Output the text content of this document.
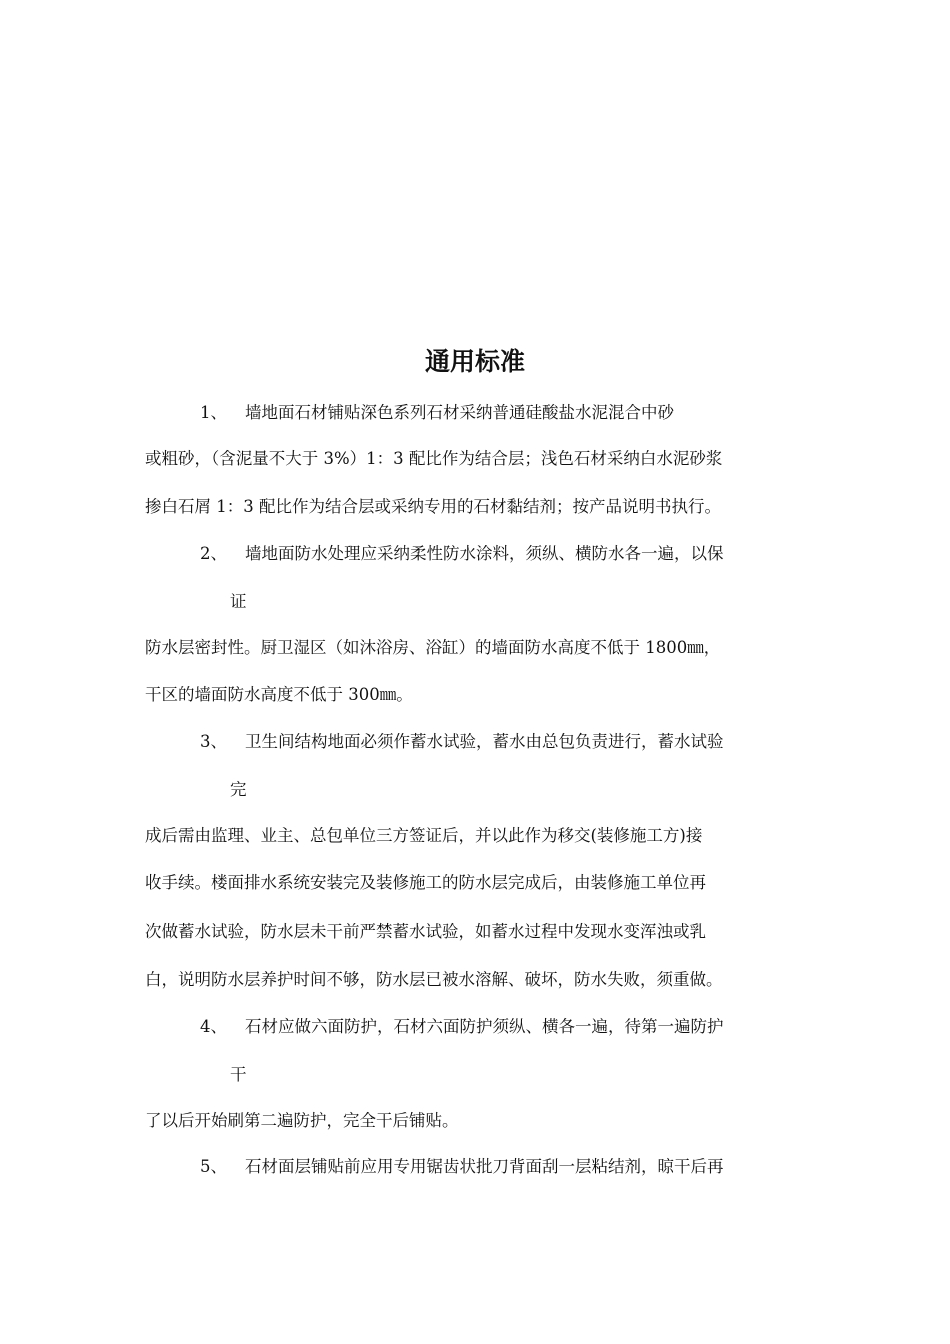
通用标准
1、 墙地面石材铺贴深色系列石材采纳普通硅酸盐水泥混合中砂
或粗砂，（含泥量不大于 3%）1：3 配比作为结合层；浅色石材采纳白水泥砂浆
掺白石屑 1：3 配比作为结合层或采纳专用的石材黏结剂；按产品说明书执行。
2、 墙地面防水处理应采纳柔性防水涂料，须纵、横防水各一遍，以保
证
防水层密封性。厨卫湿区（如沐浴房、浴缸）的墙面防水高度不低于 1800㎜，
干区的墙面防水高度不低于 300㎜。
3、 卫生间结构地面必须作蓄水试验，蓄水由总包负责进行，蓄水试验
完
成后需由监理、业主、总包单位三方签证后，并以此作为移交(装修施工方)接
收手续。楼面排水系统安装完及装修施工的防水层完成后，由装修施工单位再
次做蓄水试验，防水层未干前严禁蓄水试验，如蓄水过程中发现水变浑浊或乳
白，说明防水层养护时间不够，防水层已被水溶解、破坏，防水失败，须重做。
4、 石材应做六面防护，石材六面防护须纵、横各一遍，待第一遍防护
干
了以后开始刷第二遍防护，完全干后铺贴。
5、 石材面层铺贴前应用专用锯齿状批刀背面刮一层粘结剂，晾干后再
